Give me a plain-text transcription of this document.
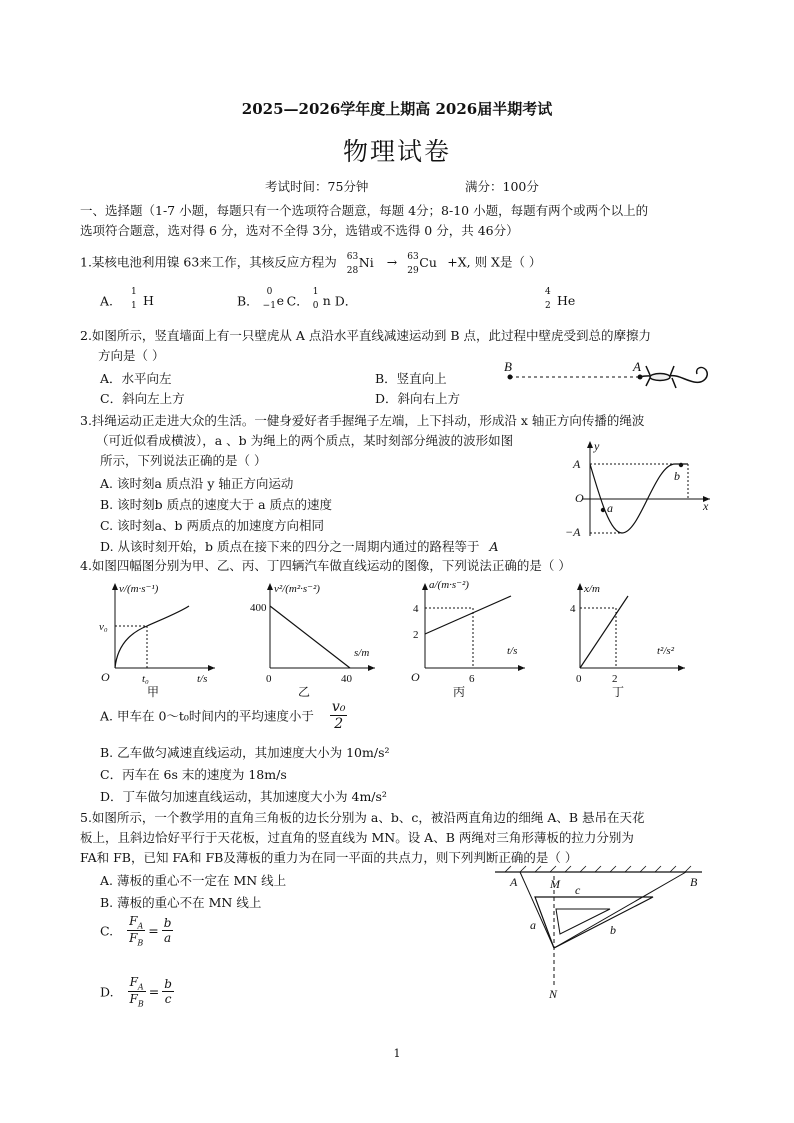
2025—2026学年度上期高 2026届半期考试
物理试卷
考试时间：75分钟	满分：100分
一、选择题（1-7 小题，每题只有一个选项符合题意，每题 4分；8-10 小题，每题有两个或两个以上的
选项符合题意，选对得 6 分，选对不全得 3分，选错或不选得 0 分，共 46分）
1.某核电池利用镍 63来工作，其核反应方程为 63
28
Ni → 63
29
Cu +X, 则 X是（ ）
A.
1
1 H	B．
0
−1 e C．
1
0 n D．
4
2 He
2.如图所示，竖直墙面上有一只壁虎从 A 点沿水平直线减速运动到 B 点，此过程中壁虎受到总的摩擦力
方向是（ ）
A．水平向左	B．竖直向上
C．斜向左上方	D．斜向右上方
B	A
3.抖绳运动正走进大众的生活。一健身爱好者手握绳子左端，上下抖动，形成沿 x 轴正方向传播的绳波
（可近似看成横波），a 、b 为绳上的两个质点，某时刻部分绳波的波形如图
所示，下列说法正确的是（ ）
A. 该时刻a 质点沿 y 轴正方向运动
B. 该时刻b 质点的速度大于 a 质点的速度
C. 该时刻a、b 两质点的加速度方向相同
D. 从该时刻开始，b 质点在接下来的四分之一周期内通过的路程等于 A
y
x
A
O
−A
a
b
4.如图四幅图分别为甲、乙、丙、丁四辆汽车做直线运动的图像，下列说法正确的是（ ）
v/(m·s⁻¹)
t/s
O
v₀
t₀
甲
v²/(m²·s⁻²)
s/m
0
400
40
乙
a/(m·s⁻²)
t/s
O
4
2
6
丙
x/m
t²/s²
0
4
2
丁
A. 甲车在 0～t₀时间内的平均速度小于 $\frac{\text{v₀}}{2}$
B. 乙车做匀减速直线运动，其加速度大小为 10m/s²
C．丙车在 6s 末的速度为 18m/s
D．丁车做匀加速直线运动，其加速度大小为 4m/s²
5.如图所示，一个教学用的直角三角板的边长分别为 a、b、c，被沿两直角边的细绳 A、B 悬吊在天花
板上，且斜边恰好平行于天花板，过直角的竖直线为 MN。设 A、B 两绳对三角形薄板的拉力分别为
FA和 FB，已知 FA和 FB及薄板的重力为在同一平面的共点力，则下列判断正确的是（ ）
A. 薄板的重心不一定在 MN 线上
B. 薄板的重心不在 MN 线上
C. $\frac{F_A}{F_B} = \frac{b}{a}$
D. $\frac{F_A}{F_B} = \frac{b}{c}$
A	M	B
a	b
c
N
1
